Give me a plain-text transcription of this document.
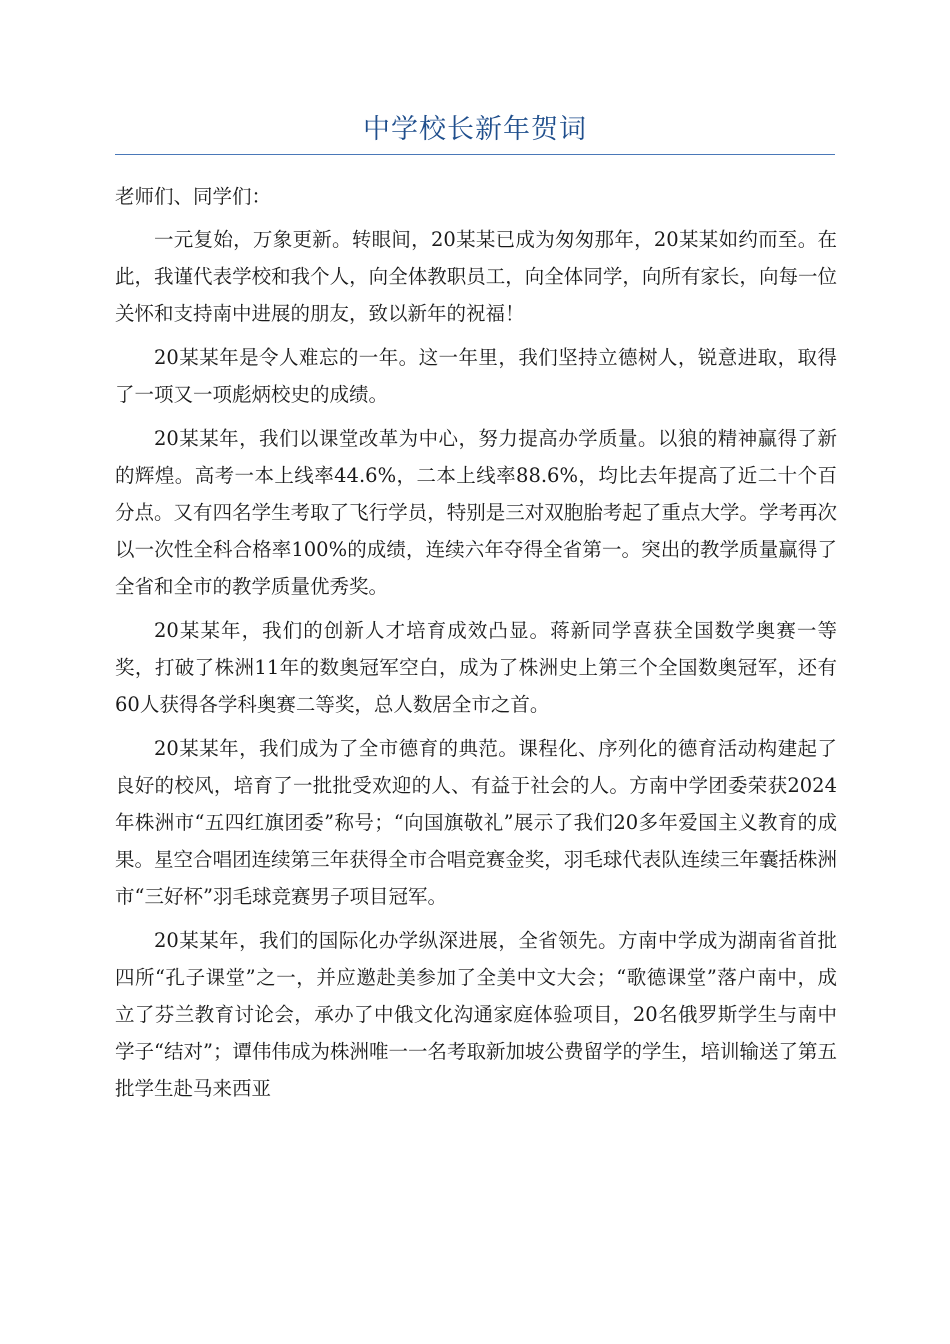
中学校长新年贺词

老师们、同学们：

一元复始，万象更新。转眼间，20某某已成为匆匆那年，20某某如约而至。在此，我谨代表学校和我个人，向全体教职员工，向全体同学，向所有家长，向每一位关怀和支持南中进展的朋友，致以新年的祝福！

20某某年是令人难忘的一年。这一年里，我们坚持立德树人，锐意进取，取得了一项又一项彪炳校史的成绩。

20某某年，我们以课堂改革为中心，努力提高办学质量。以狼的精神赢得了新的辉煌。高考一本上线率44.6%，二本上线率88.6%，均比去年提高了近二十个百分点。又有四名学生考取了飞行学员，特别是三对双胞胎考起了重点大学。学考再次以一次性全科合格率100%的成绩，连续六年夺得全省第一。突出的教学质量赢得了全省和全市的教学质量优秀奖。

20某某年，我们的创新人才培育成效凸显。蒋新同学喜获全国数学奥赛一等奖，打破了株洲11年的数奥冠军空白，成为了株洲史上第三个全国数奥冠军，还有60人获得各学科奥赛二等奖，总人数居全市之首。

20某某年，我们成为了全市德育的典范。课程化、序列化的德育活动构建起了良好的校风，培育了一批批受欢迎的人、有益于社会的人。方南中学团委荣获2024年株洲市“五四红旗团委”称号；“向国旗敬礼”展示了我们20多年爱国主义教育的成果。星空合唱团连续第三年获得全市合唱竞赛金奖，羽毛球代表队连续三年囊括株洲市“三好杯”羽毛球竞赛男子项目冠军。

20某某年，我们的国际化办学纵深进展，全省领先。方南中学成为湖南省首批四所“孔子课堂”之一，并应邀赴美参加了全美中文大会；“歌德课堂”落户南中，成立了芬兰教育讨论会，承办了中俄文化沟通家庭体验项目，20名俄罗斯学生与南中学子“结对”；谭伟伟成为株洲唯一一名考取新加坡公费留学的学生，培训输送了第五批学生赴马来西亚
